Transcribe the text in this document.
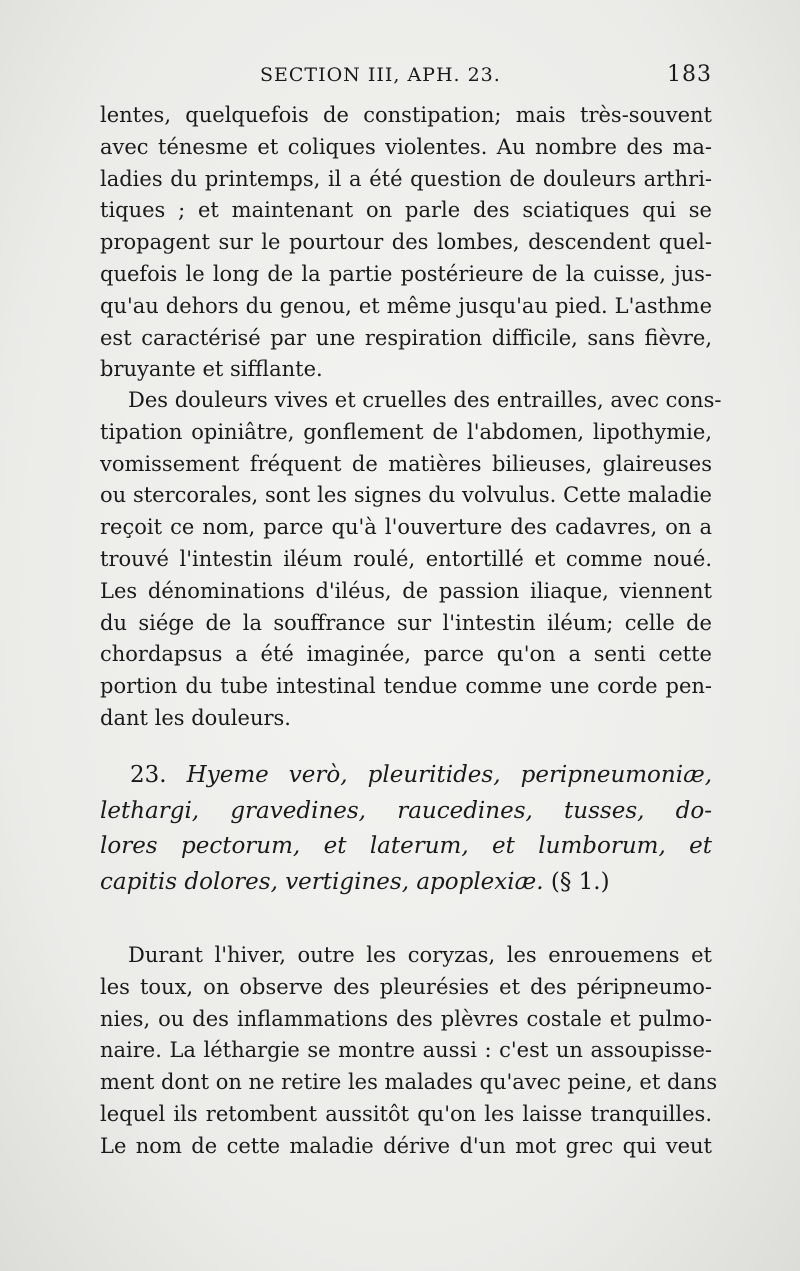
SECTION III, APH. 23.	183
lentes, quelquefois de constipation; mais très-souvent
avec ténesme et coliques violentes. Au nombre des ma-
ladies du printemps, il a été question de douleurs arthri-
tiques ; et maintenant on parle des sciatiques qui se
propagent sur le pourtour des lombes, descendent quel-
quefois le long de la partie postérieure de la cuisse, jus-
qu'au dehors du genou, et même jusqu'au pied. L'asthme
est caractérisé par une respiration difficile, sans fièvre,
bruyante et sifflante.
Des douleurs vives et cruelles des entrailles, avec cons-
tipation opiniâtre, gonflement de l'abdomen, lipothymie,
vomissement fréquent de matières bilieuses, glaireuses
ou stercorales, sont les signes du volvulus. Cette maladie
reçoit ce nom, parce qu'à l'ouverture des cadavres, on a
trouvé l'intestin iléum roulé, entortillé et comme noué.
Les dénominations d'iléus, de passion iliaque, viennent
du siége de la souffrance sur l'intestin iléum; celle de
chordapsus a été imaginée, parce qu'on a senti cette
portion du tube intestinal tendue comme une corde pen-
dant les douleurs.
23. Hyeme verò, pleuritides, peripneumoniæ,
lethargi, gravedines, raucedines, tusses, do-
lores pectorum, et laterum, et lumborum, et
capitis dolores, vertigines, apoplexiæ. (§ 1.)
Durant l'hiver, outre les coryzas, les enrouemens et
les toux, on observe des pleurésies et des péripneumo-
nies, ou des inflammations des plèvres costale et pulmo-
naire. La léthargie se montre aussi : c'est un assoupisse-
ment dont on ne retire les malades qu'avec peine, et dans
lequel ils retombent aussitôt qu'on les laisse tranquilles.
Le nom de cette maladie dérive d'un mot grec qui veut
